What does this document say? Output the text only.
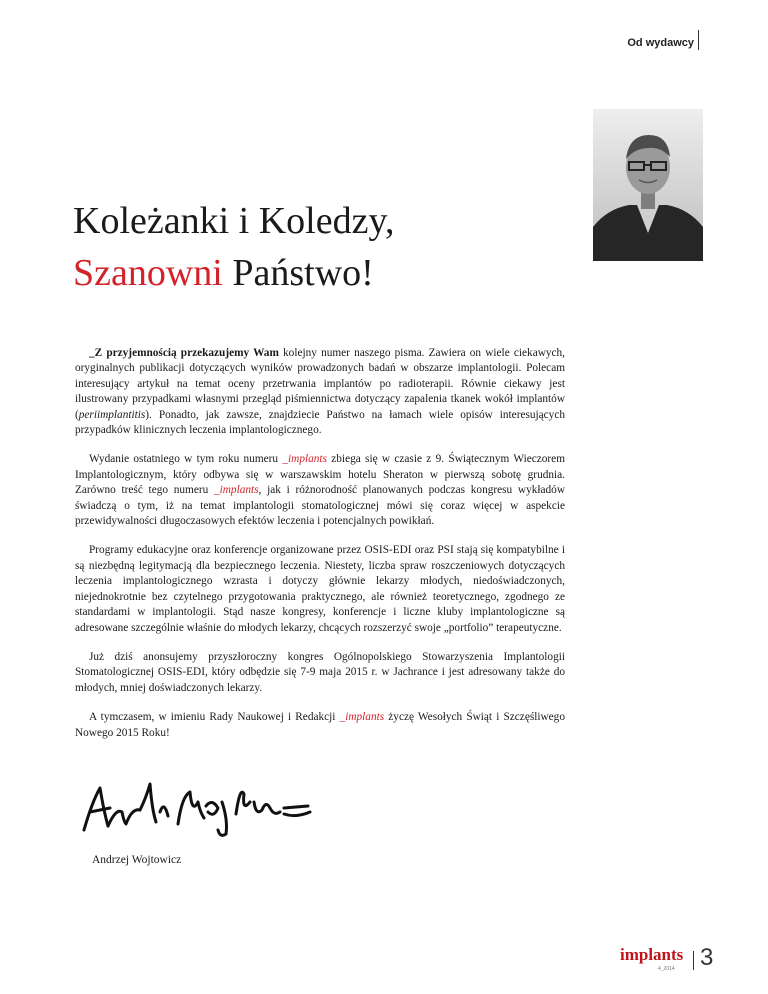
Od wydawcy
Koleżanki i Koledzy,
Szanowni Państwo!

_Z przyjemnością przekazujemy Wam kolejny numer naszego pisma. Zawiera on wiele ciekawych, oryginalnych publikacji dotyczących wyników prowadzonych badań w obszarze implantologii. Polecam interesujący artykuł na temat oceny przetrwania implantów po radioterapii. Równie ciekawy jest ilustrowany przypadkami własnymi przegląd piśmiennictwa dotyczący zapalenia tkanek wokół implantów (periimplantitis). Ponadto, jak zawsze, znajdziecie Państwo na łamach wiele opisów interesujących przypadków klinicznych leczenia implantologicznego.

Wydanie ostatniego w tym roku numeru _implants zbiega się w czasie z 9. Świątecznym Wieczorem Implantologicznym, który odbywa się w warszawskim hotelu Sheraton w pierwszą sobotę grudnia. Zarówno treść tego numeru _implants, jak i różnorodność planowanych podczas kongresu wykładów świadczą o tym, iż na temat implantologii stomatologicznej mówi się coraz więcej w aspekcie przewidywalności długoczasowych efektów leczenia i potencjalnych powikłań.

Programy edukacyjne oraz konferencje organizowane przez OSIS-EDI oraz PSI stają się kompatybilne i są niezbędną legitymacją dla bezpiecznego leczenia. Niestety, liczba spraw roszczeniowych dotyczących leczenia implantologicznego wzrasta i dotyczy głównie lekarzy młodych, niedoświadczonych, niejednokrotnie bez czytelnego przygotowania praktycznego, ale również teoretycznego, zgodnego ze standardami w implantologii. Stąd nasze kongresy, konferencje i liczne kluby implantologiczne są adresowane szczególnie właśnie do młodych lekarzy, chcących rozszerzyć swoje „portfolio” terapeutyczne.

Już dziś anonsujemy przyszłoroczny kongres Ogólnopolskiego Stowarzyszenia Implantologii Stomatologicznej OSIS-EDI, który odbędzie się 7-9 maja 2015 r. w Jachrance i jest adresowany także do młodych, mniej doświadczonych lekarzy.

A tymczasem, w imieniu Rady Naukowej i Redakcji _implants życzę Wesołych Świąt i Szczęśliwego Nowego 2015 Roku!

Andrzej Wojtowicz
implants
4_2014 3
